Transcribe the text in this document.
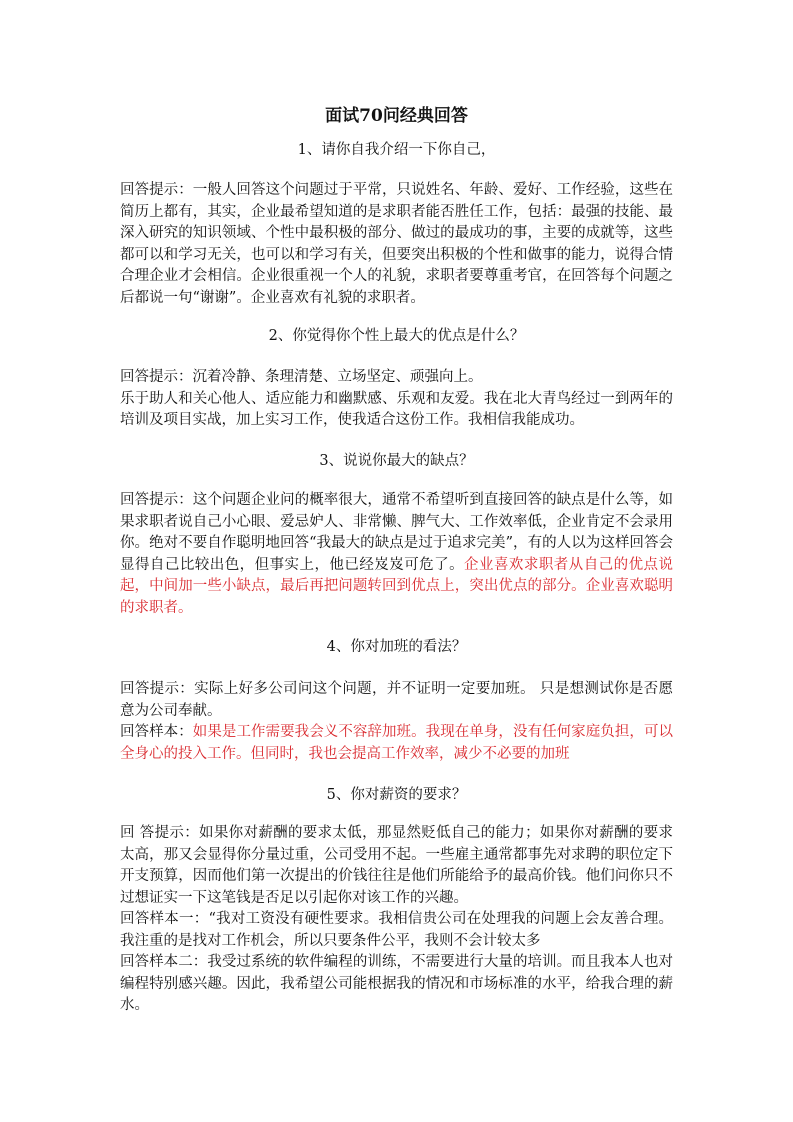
面试70问经典回答
1、请你自我介绍一下你自己，

回答提示：一般人回答这个问题过于平常，只说姓名、年龄、爱好、工作经验，这些在简历上都有，其实，企业最希望知道的是求职者能否胜任工作，包括：最强的技能、最深入研究的知识领域、个性中最积极的部分、做过的最成功的事，主要的成就等，这些都可以和学习无关，也可以和学习有关，但要突出积极的个性和做事的能力，说得合情合理企业才会相信。企业很重视一个人的礼貌，求职者要尊重考官，在回答每个问题之后都说一句“谢谢”。企业喜欢有礼貌的求职者。

2、你觉得你个性上最大的优点是什么？

回答提示：沉着冷静、条理清楚、立场坚定、顽强向上。

乐于助人和关心他人、适应能力和幽默感、乐观和友爱。我在北大青鸟经过一到两年的培训及项目实战，加上实习工作，使我适合这份工作。我相信我能成功。

3、说说你最大的缺点？

回答提示：这个问题企业问的概率很大，通常不希望听到直接回答的缺点是什么等，如果求职者说自己小心眼、爱忌妒人、非常懒、脾气大、工作效率低，企业肯定不会录用你。绝对不要自作聪明地回答“我最大的缺点是过于追求完美”，有的人以为这样回答会显得自己比较出色，但事实上，他已经岌岌可危了。企业喜欢求职者从自己的优点说起，中间加一些小缺点，最后再把问题转回到优点上，突出优点的部分。企业喜欢聪明的求职者。

4、你对加班的看法？

回答提示：实际上好多公司问这个问题，并不证明一定要加班。 只是想测试你是否愿意为公司奉献。

回答样本：如果是工作需要我会义不容辞加班。我现在单身，没有任何家庭负担，可以全身心的投入工作。但同时，我也会提高工作效率，减少不必要的加班

5、你对薪资的要求？

回 答提示：如果你对薪酬的要求太低，那显然贬低自己的能力；如果你对薪酬的要求太高，那又会显得你分量过重，公司受用不起。一些雇主通常都事先对求聘的职位定下开支预算，因而他们第一次提出的价钱往往是他们所能给予的最高价钱。他们问你只不过想证实一下这笔钱是否足以引起你对该工作的兴趣。

回答样本一：“我对工资没有硬性要求。我相信贵公司在处理我的问题上会友善合理。我注重的是找对工作机会，所以只要条件公平，我则不会计较太多

回答样本二：我受过系统的软件编程的训练，不需要进行大量的培训。而且我本人也对编程特别感兴趣。因此，我希望公司能根据我的情况和市场标准的水平，给我合理的薪水。
